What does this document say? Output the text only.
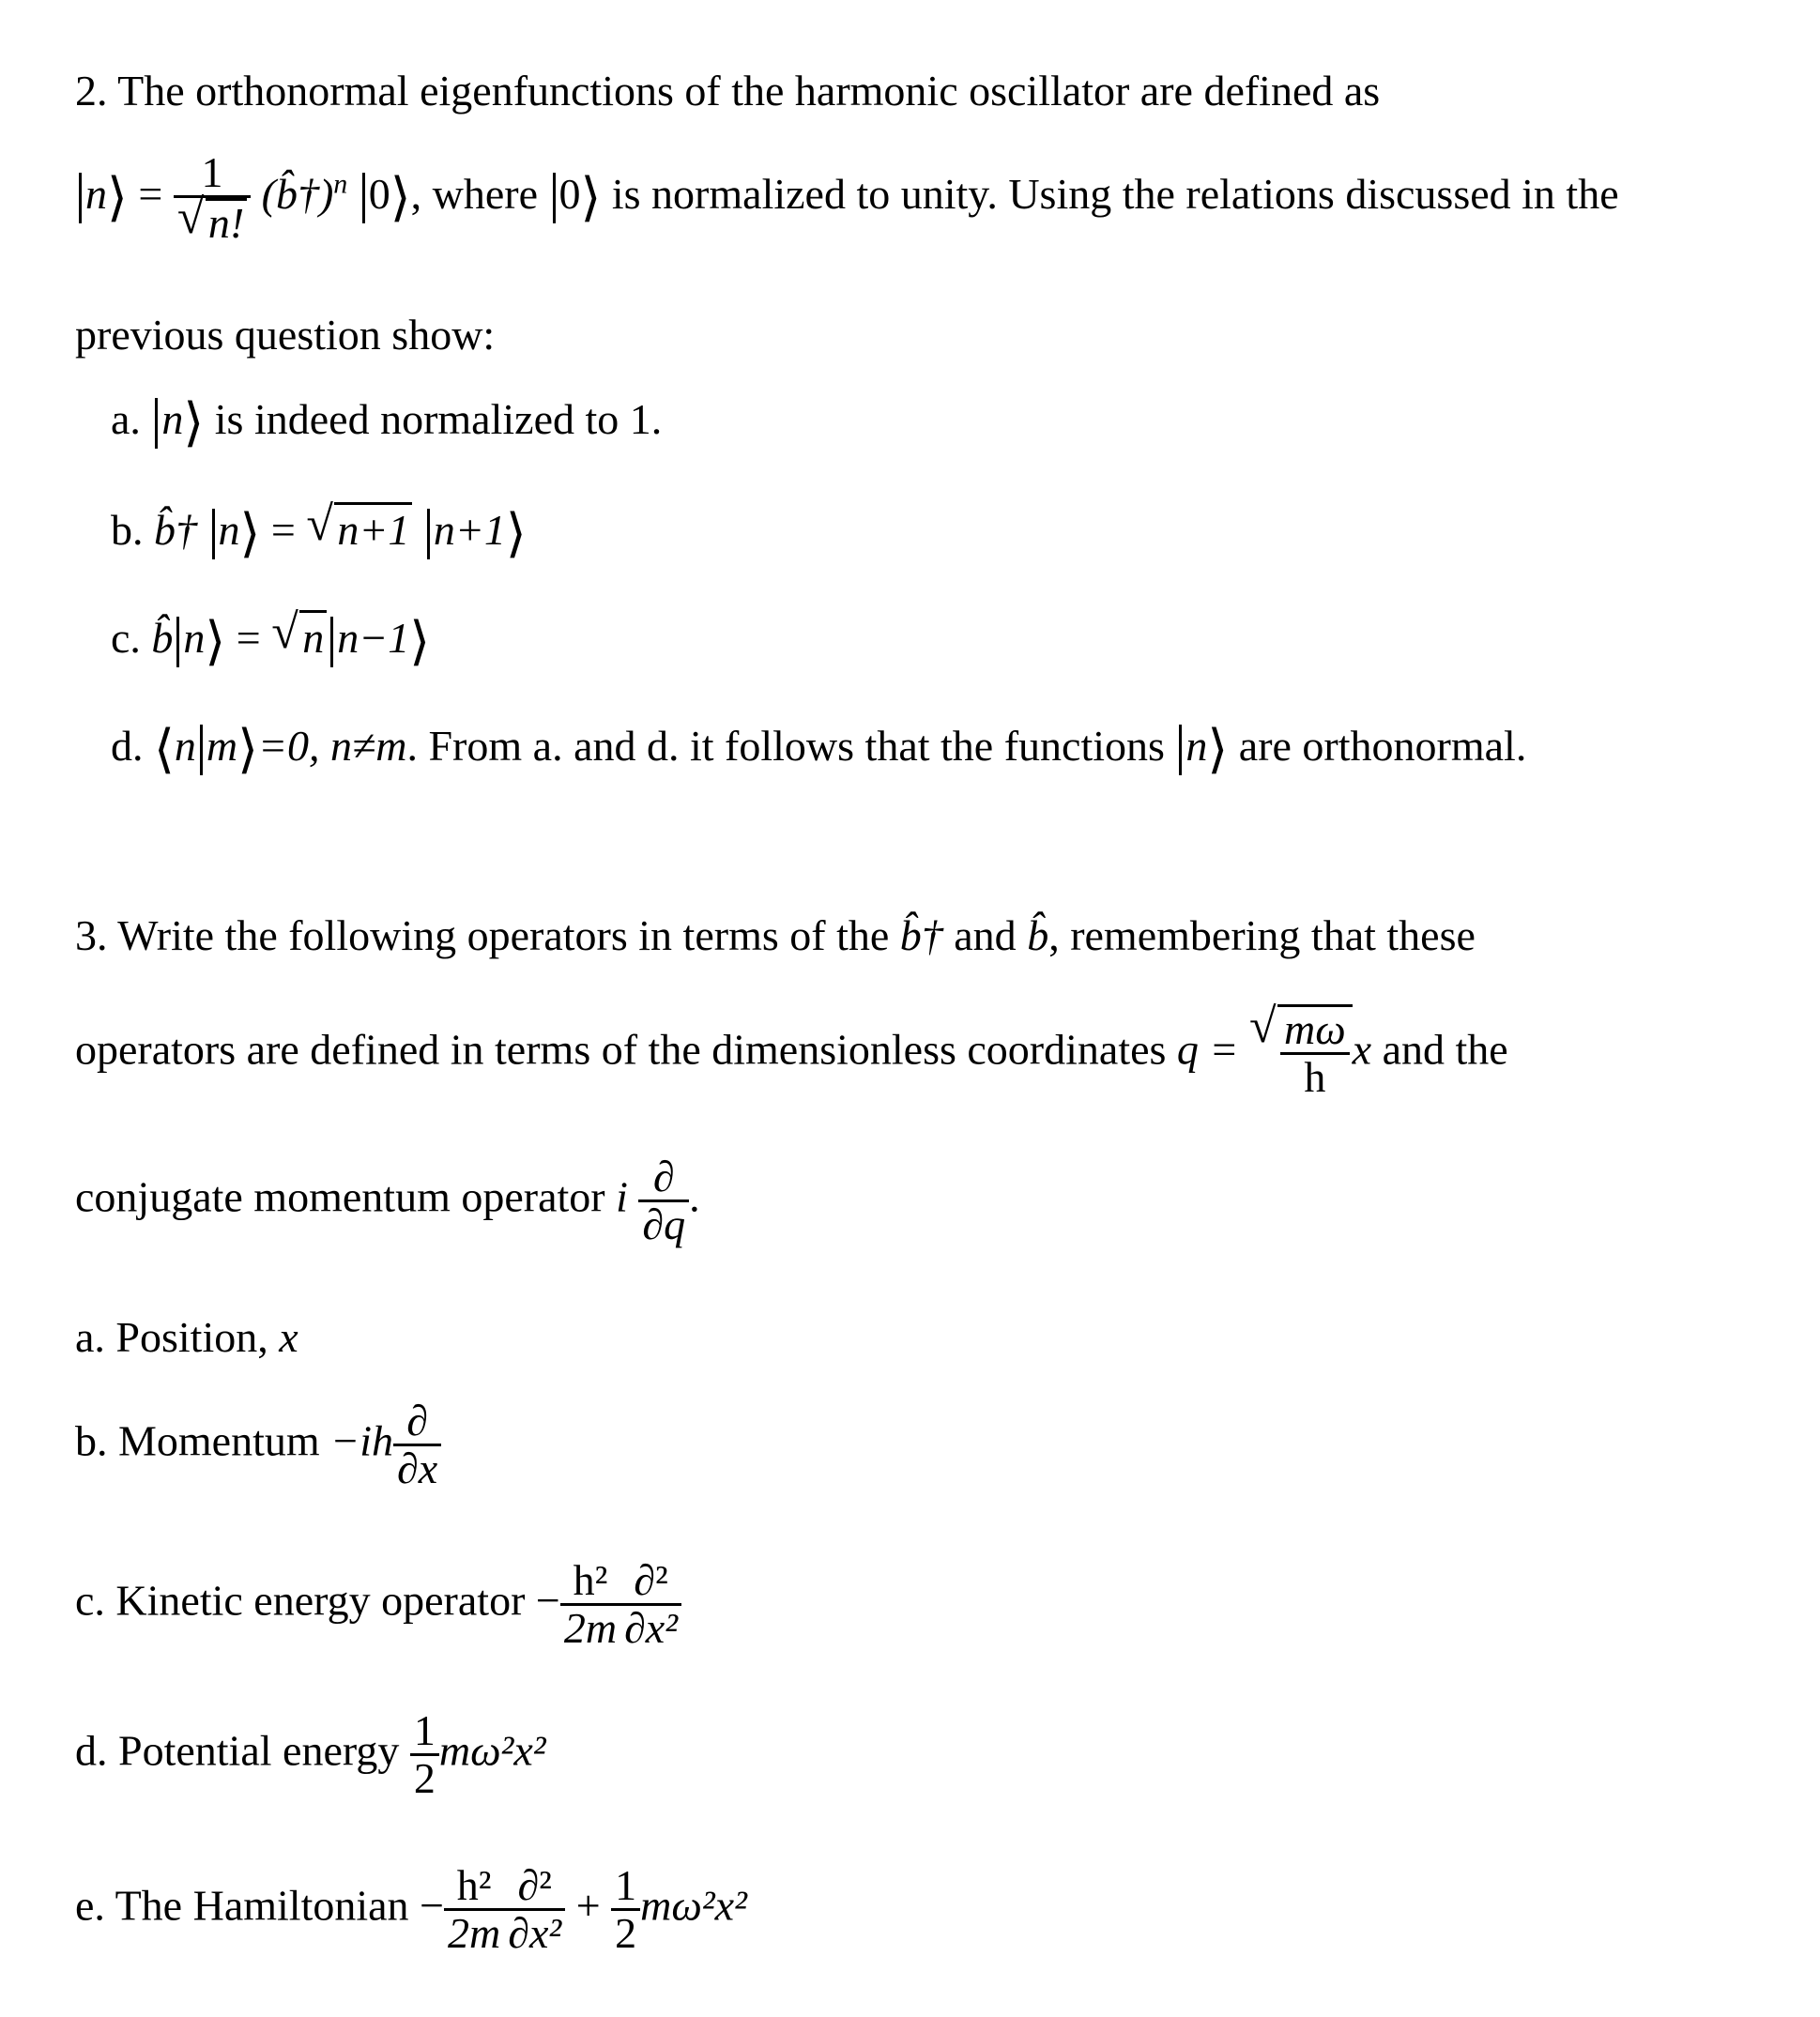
2. The orthonormal eigenfunctions of the harmonic oscillator are defined as
n⟩ = 1
√ n! (b̂†)$^n$ 0⟩, where 0⟩ is normalized to unity. Using the relations discussed in the
previous question show:
a. n⟩ is indeed normalized to 1.
b. b̂† n⟩ = √ n+1 n+1⟩
c. b̂ n⟩ = √ n n−1⟩
d. ⟨n m⟩=0, n≠m. From a. and d. it follows that the functions n⟩ are orthonormal.
3. Write the following operators in terms of the b̂† and b̂, remembering that these
operators are defined in terms of the dimensionless coordinates q = √ $\frac{m\omega}{h}$ x and the
conjugate momentum operator i $\frac{\partial}{\partial q}$ .
a. Position, x
b. Momentum $-ih \frac{\partial}{\partial x}$
c. Kinetic energy operator − $\frac{\text{h²}}{2m} \frac{\text{∂²}}{\text{∂x²}}$
d. Potential energy $\frac{1}{2} m\omega^2x^2$
e. The Hamiltonian − $\frac{\text{h²}}{2m} \frac{\text{∂²}}{\text{∂x²}} + \frac{1}{2} m\omega^2x^2$
